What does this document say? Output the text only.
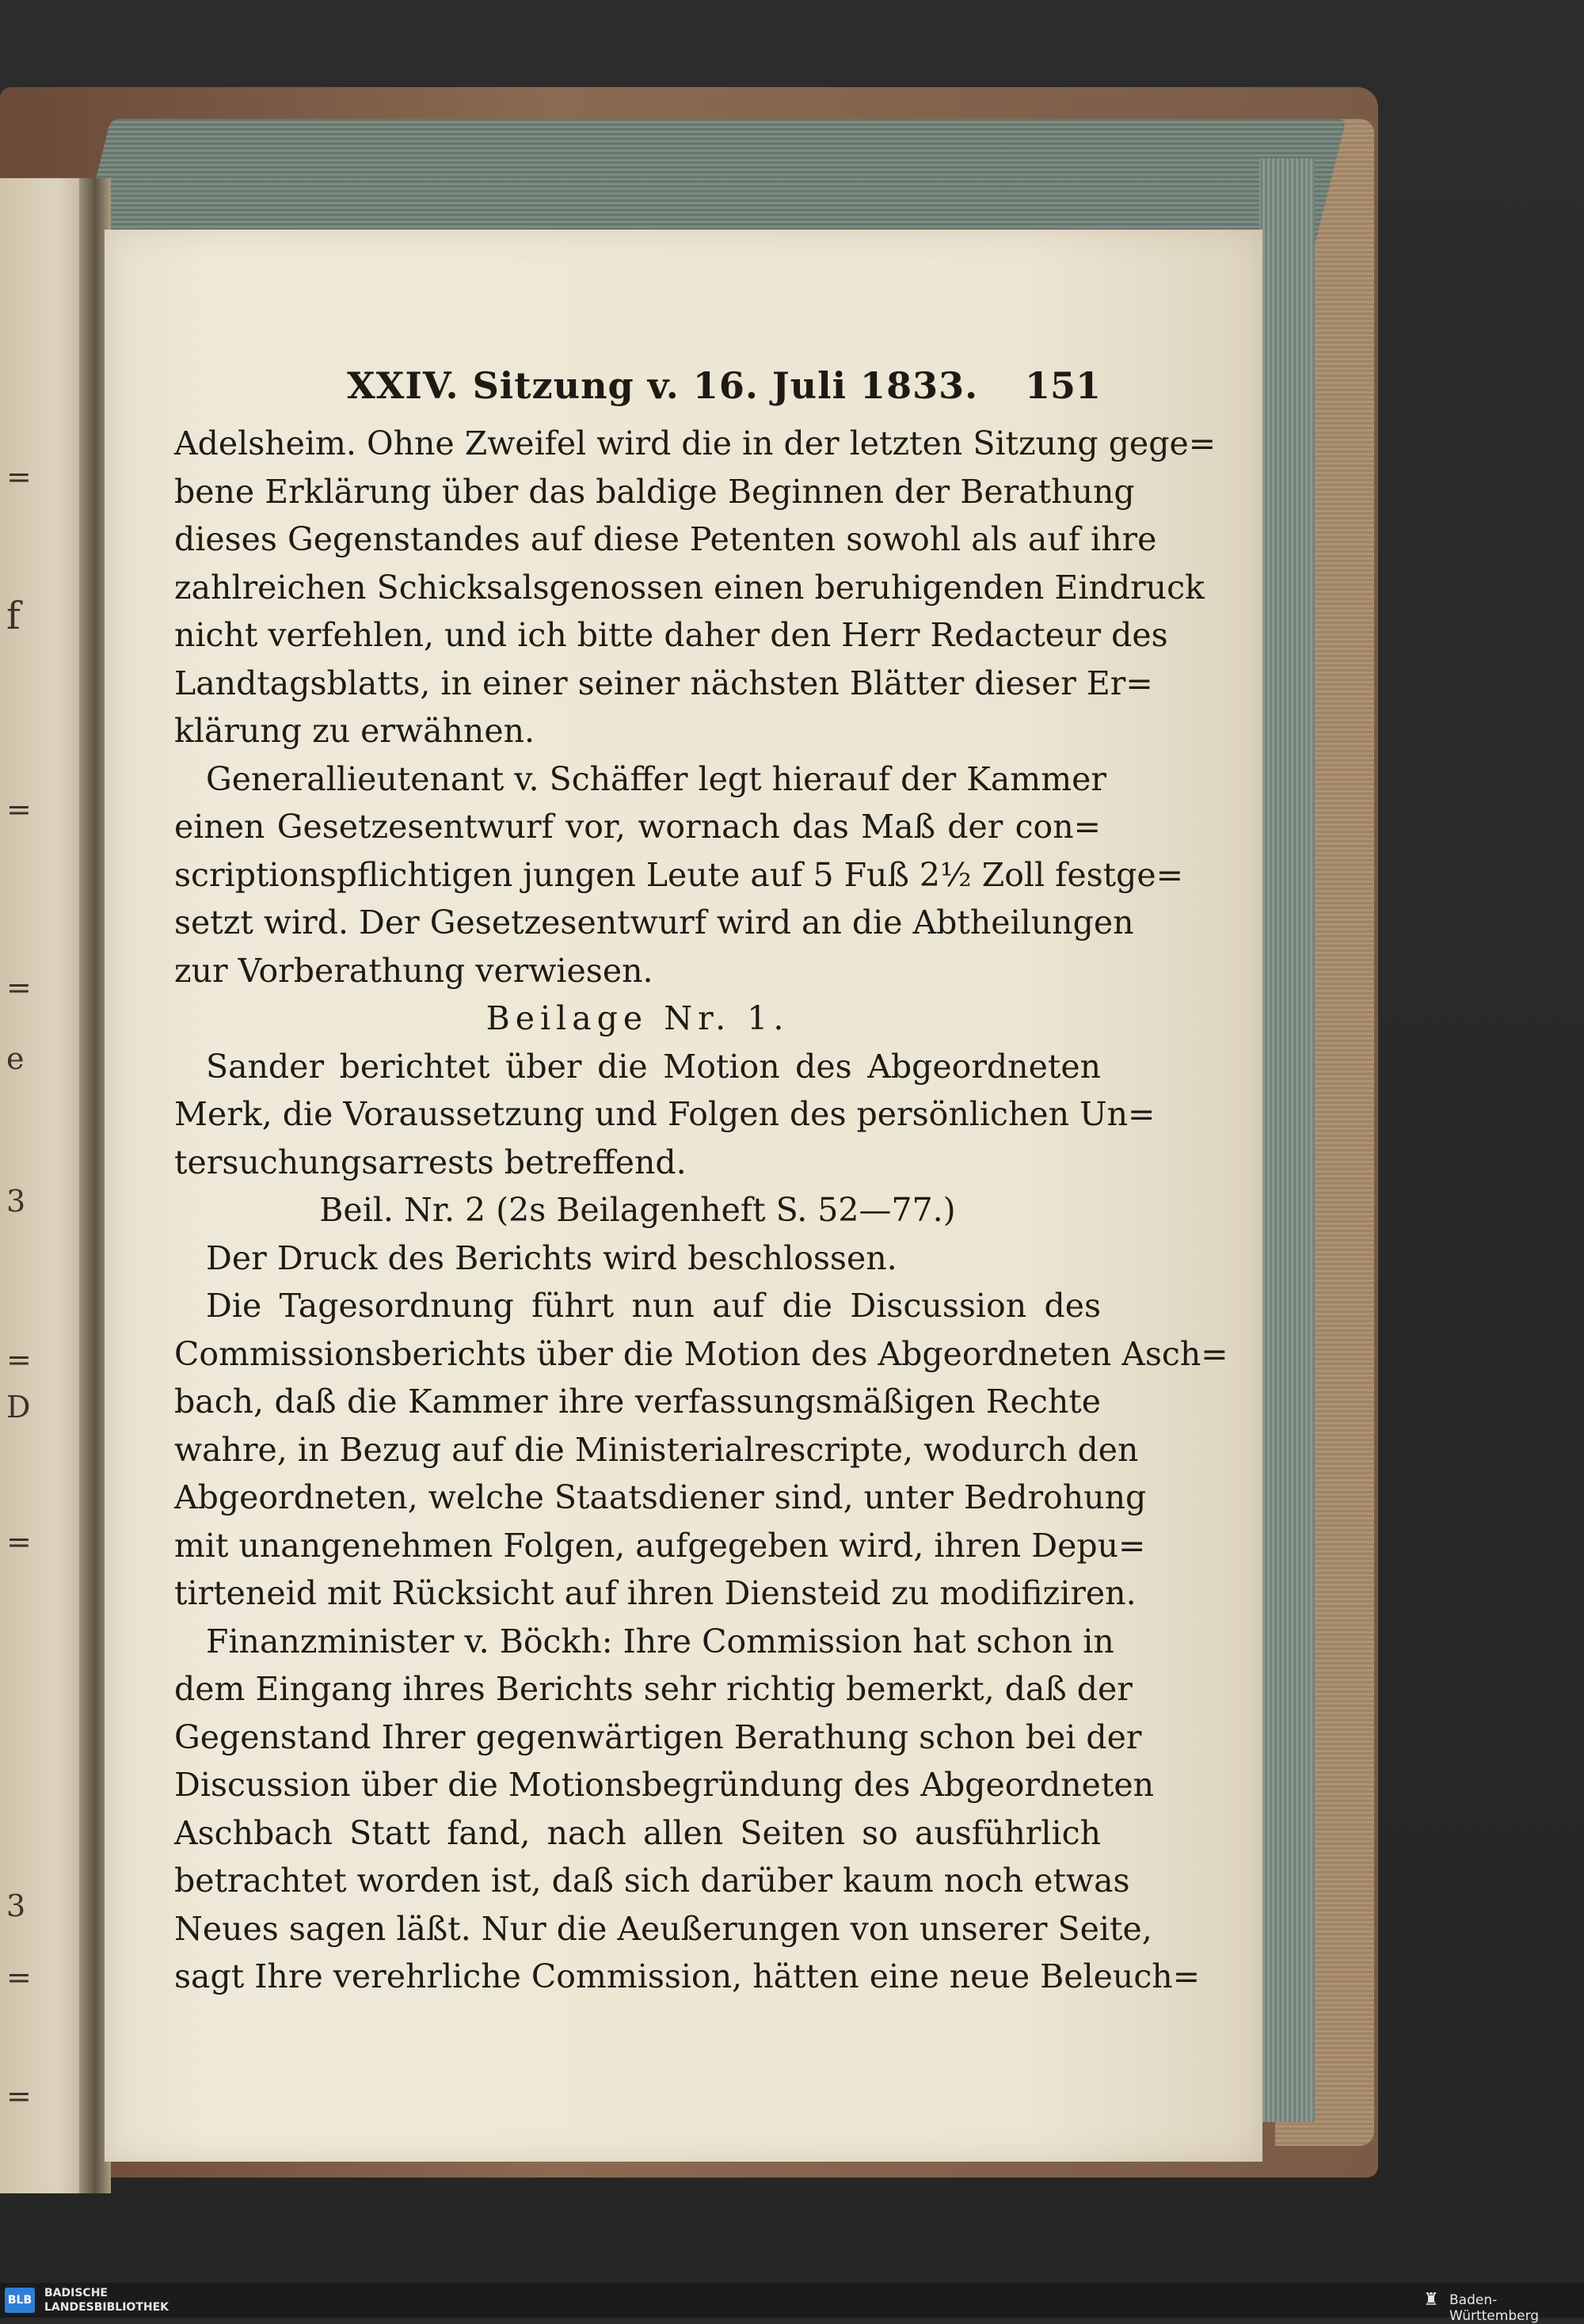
=
f
=
=
e
3
=
D
=
3
=
=
XXIV. Sitzung v. 16. Juli 1833. 151
Adelsheim. Ohne Zweifel wird die in der letzten Sitzung gege=
bene Erklärung über das baldige Beginnen der Berathung
dieses Gegenstandes auf diese Petenten sowohl als auf ihre
zahlreichen Schicksalsgenossen einen beruhigenden Eindruck
nicht verfehlen, und ich bitte daher den Herr Redacteur des
Landtagsblatts, in einer seiner nächsten Blätter dieser Er=
klärung zu erwähnen.
Generallieutenant v. Schäffer legt hierauf der Kammer
einen Gesetzesentwurf vor, wornach das Maß der con=
scriptionspflichtigen jungen Leute auf 5 Fuß 2½ Zoll festge=
setzt wird. Der Gesetzesentwurf wird an die Abtheilungen
zur Vorberathung verwiesen.
Beilage Nr. 1.
Sander berichtet über die Motion des Abgeordneten
Merk, die Voraussetzung und Folgen des persönlichen Un=
tersuchungsarrests betreffend.
Beil. Nr. 2 (2s Beilagenheft S. 52—77.)
Der Druck des Berichts wird beschlossen.
Die Tagesordnung führt nun auf die Discussion des
Commissionsberichts über die Motion des Abgeordneten Asch=
bach, daß die Kammer ihre verfassungsmäßigen Rechte
wahre, in Bezug auf die Ministerialrescripte, wodurch den
Abgeordneten, welche Staatsdiener sind, unter Bedrohung
mit unangenehmen Folgen, aufgegeben wird, ihren Depu=
tirteneid mit Rücksicht auf ihren Diensteid zu modifiziren.
Finanzminister v. Böckh: Ihre Commission hat schon in
dem Eingang ihres Berichts sehr richtig bemerkt, daß der
Gegenstand Ihrer gegenwärtigen Berathung schon bei der
Discussion über die Motionsbegründung des Abgeordneten
Aschbach Statt fand, nach allen Seiten so ausführlich
betrachtet worden ist, daß sich darüber kaum noch etwas
Neues sagen läßt. Nur die Aeußerungen von unserer Seite,
sagt Ihre verehrliche Commission, hätten eine neue Beleuch=
BLB
BADISCHE
LANDESBIBLIOTHEK	♜ Baden-Württemberg
